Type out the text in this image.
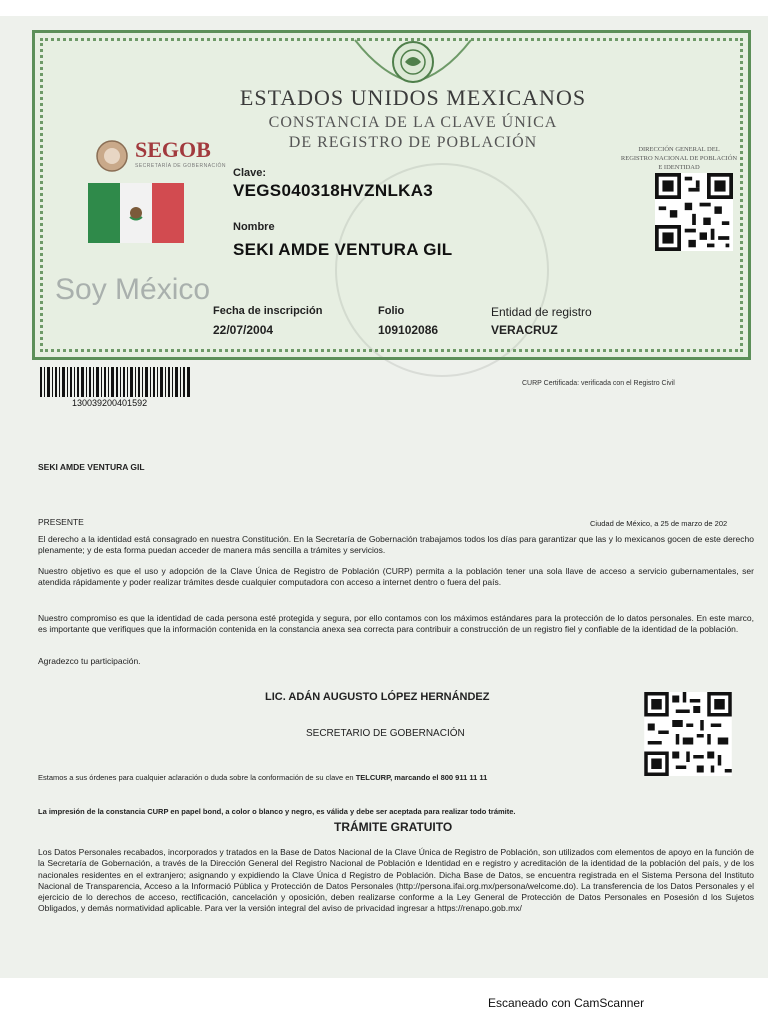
ESTADOS UNIDOS MEXICANOS
CONSTANCIA DE LA CLAVE ÚNICA
DE REGISTRO DE POBLACIÓN
SEGOB
SECRETARÍA DE GOBERNACIÓN
DIRECCIÓN GENERAL DEL
REGISTRO NACIONAL DE POBLACIÓN
E IDENTIDAD
Clave:
VEGS040318HVZNLKA3
Nombre
SEKI AMDE VENTURA GIL
Soy México
Fecha de inscripción
22/07/2004
Folio
109102086
Entidad de registro
VERACRUZ
13003920040159​2
CURP Certificada: verificada con el Registro Civil
SEKI AMDE VENTURA GIL
PRESENTE	Ciudad de México, a 25 de marzo de 202
El derecho a la identidad está consagrado en nuestra Constitución. En la Secretaría de Gobernación trabajamos todos los días para garantizar que las y lo mexicanos gocen de este derecho plenamente; y de esta forma puedan acceder de manera más sencilla a trámites y servicios.
Nuestro objetivo es que el uso y adopción de la Clave Única de Registro de Población (CURP) permita a la población tener una sola llave de acceso a servicio gubernamentales, ser atendida rápidamente y poder realizar trámites desde cualquier computadora con acceso a internet dentro o fuera del país.
Nuestro compromiso es que la identidad de cada persona esté protegida y segura, por ello contamos con los máximos estándares para la protección de lo datos personales. En este marco, es importante que verifiques que la información contenida en la constancia anexa sea correcta para contribuir a construcción de un registro fiel y confiable de la identidad de la población.
Agradezco tu participación.
LIC. ADÁN AUGUSTO LÓPEZ HERNÁNDEZ
SECRETARIO DE GOBERNACIÓN
Estamos a sus órdenes para cualquier aclaración o duda sobre la conformación de su clave en TELCURP, marcando el 800 911 11 11
La impresión de la constancia CURP en papel bond, a color o blanco y negro, es válida y debe ser aceptada para realizar todo trámite.
TRÁMITE GRATUITO
Los Datos Personales recabados, incorporados y tratados en la Base de Datos Nacional de la Clave Única de Registro de Población, son utilizados com elementos de apoyo en la función de la Secretaría de Gobernación, a través de la Dirección General del Registro Nacional de Población e Identidad en e registro y acreditación de la identidad de la población del país, y de los nacionales residentes en el extranjero; asignando y expidiendo la Clave Única d Registro de Población. Dicha Base de Datos, se encuentra registrada en el Sistema Persona del Instituto Nacional de Transparencia, Acceso a la Informació Pública y Protección de Datos Personales (http://persona.ifai.org.mx/persona/welcome.do). La transferencia de los Datos Personales y el ejercicio de lo derechos de acceso, rectificación, cancelación y oposición, deben realizarse conforme a la Ley General de Protección de Datos Personales en Posesión d los Sujetos Obligados, y demás normatividad aplicable. Para ver la versión integral del aviso de privacidad ingresar a https://renapo.gob.mx/
Escaneado con CamScanner
